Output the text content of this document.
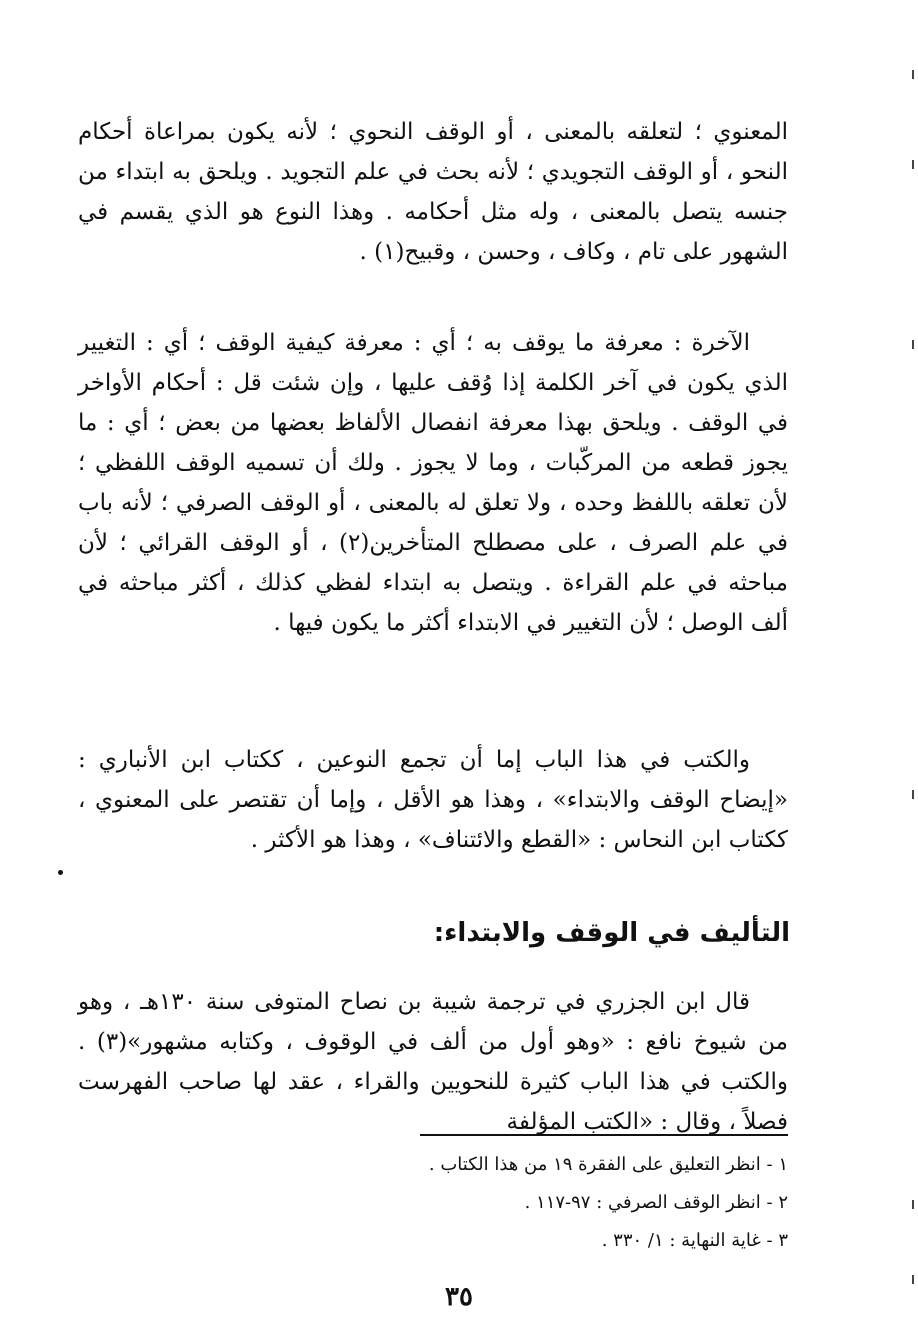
المعنوي ؛ لتعلقه بالمعنى ، أو الوقف النحوي ؛ لأنه يكون بمراعاة أحكام النحو ، أو الوقف التجويدي ؛ لأنه بحث في علم التجويد . ويلحق به ابتداء من جنسه يتصل بالمعنى ، وله مثل أحكامه . وهذا النوع هو الذي يقسم في الشهور على تام ، وكاف ، وحسن ، وقبيح(١) .

الآخرة : معرفة ما يوقف به ؛ أي : معرفة كيفية الوقف ؛ أي : التغيير الذي يكون في آخر الكلمة إذا وُقف عليها ، وإن شئت قل : أحكام الأواخر في الوقف . ويلحق بهذا معرفة انفصال الألفاظ بعضها من بعض ؛ أي : ما يجوز قطعه من المركّبات ، وما لا يجوز . ولك أن تسميه الوقف اللفظي ؛ لأن تعلقه باللفظ وحده ، ولا تعلق له بالمعنى ، أو الوقف الصرفي ؛ لأنه باب في علم الصرف ، على مصطلح المتأخرين(٢) ، أو الوقف القرائي ؛ لأن مباحثه في علم القراءة . ويتصل به ابتداء لفظي كذلك ، أكثر مباحثه في ألف الوصل ؛ لأن التغيير في الابتداء أكثر ما يكون فيها .

والكتب في هذا الباب إما أن تجمع النوعين ، ككتاب ابن الأنباري : «إيضاح الوقف والابتداء» ، وهذا هو الأقل ، وإما أن تقتصر على المعنوي ، ككتاب ابن النحاس : «القطع والائتناف» ، وهذا هو الأكثر .

التأليف في الوقف والابتداء:

قال ابن الجزري في ترجمة شيبة بن نصاح المتوفى سنة ١٣٠هـ ، وهو من شيوخ نافع : «وهو أول من ألف في الوقوف ، وكتابه مشهور»(٣) . والكتب في هذا الباب كثيرة للنحويين والقراء ، عقد لها صاحب الفهرست فصلاً ، وقال : «الكتب المؤلفة

١ - انظر التعليق على الفقرة ١٩ من هذا الكتاب .
٢ - انظر الوقف الصرفي : ٩٧-١١٧ .
٣ - غاية النهاية : ١/ ٣٣٠ .
٣٥
